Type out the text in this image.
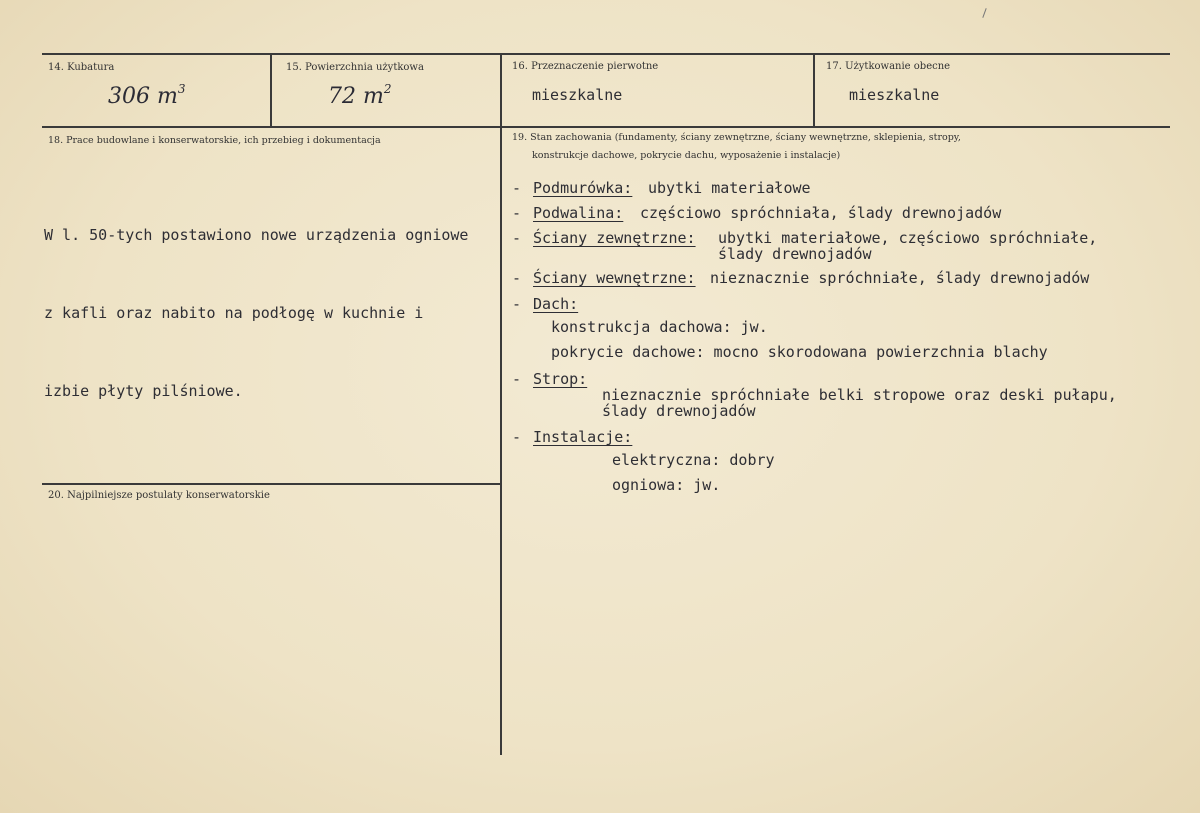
14. Kubatura
306 $m^3$
15. Powierzchnia użytkowa
72 $m^2$
16. Przeznaczenie pierwotne
mieszkalne
17. Użytkowanie obecne
mieszkalne
18. Prace budowlane i konserwatorskie, ich przebieg i dokumentacja

W l. 50-tych postawiono nowe urządzenia ogniowe

z kafli oraz nabito na podłogę w kuchnie i

izbie płyty pilśniowe.

20. Najpilniejsze postulaty konserwatorskie
19. Stan zachowania (fundamenty, ściany zewnętrzne, ściany wewnętrzne, sklepienia, stropy,
konstrukcje dachowe, pokrycie dachu, wyposażenie i instalacje)
- Podmurówka: ubytki materiałowe
- Podwalina: częściowo spróchniała, ślady drewnojadów
- Ściany zewnętrzne: ubytki materiałowe, częściowo spróchniałe,
ślady drewnojadów
- Ściany wewnętrzne: nieznacznie spróchniałe, ślady drewnojadów
- Dach:
konstrukcja dachowa: jw.
pokrycie dachowe: mocno skorodowana powierzchnia blachy
- Strop:
nieznacznie spróchniałe belki stropowe oraz deski pułapu,
ślady drewnojadów
- Instalacje:
elektryczna: dobry
ogniowa: jw.
